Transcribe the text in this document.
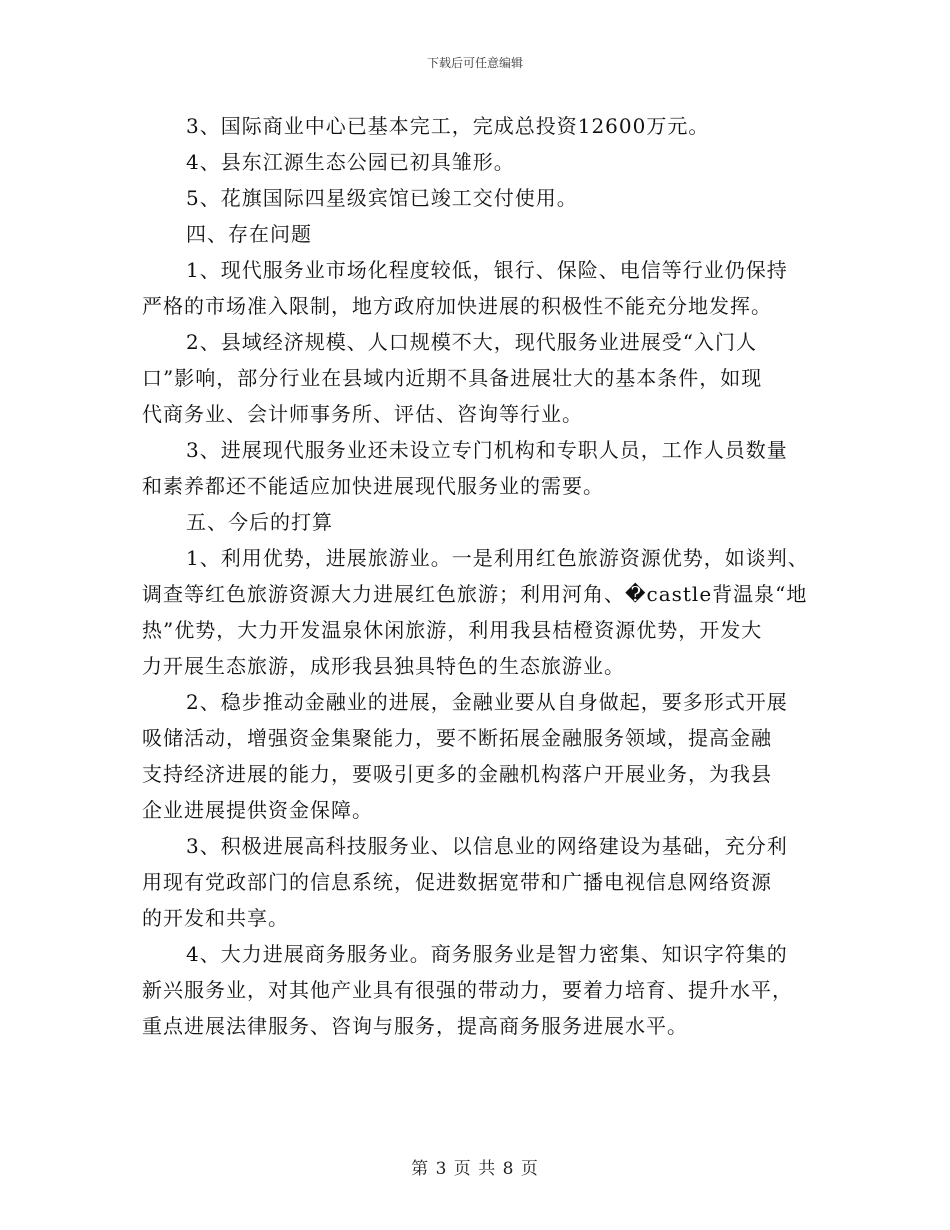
下载后可任意编辑
3、国际商业中心已基本完工，完成总投资12600万元。
4、县东江源生态公园已初具雏形。
5、花旗国际四星级宾馆已竣工交付使用。
四、存在问题
1、现代服务业市场化程度较低，银行、保险、电信等行业仍保持
严格的市场准入限制，地方政府加快进展的积极性不能充分地发挥。
2、县域经济规模、人口规模不大，现代服务业进展受“入门人
口”影响，部分行业在县域内近期不具备进展壮大的基本条件，如现
代商务业、会计师事务所、评估、咨询等行业。
3、进展现代服务业还未设立专门机构和专职人员，工作人员数量
和素养都还不能适应加快进展现代服务业的需要。
五、今后的打算
1、利用优势，进展旅游业。一是利用红色旅游资源优势，如谈判、
调查等红色旅游资源大力进展红色旅游；利用河角、�castle背温泉“地
热”优势，大力开发温泉休闲旅游，利用我县桔橙资源优势，开发大
力开展生态旅游，成形我县独具特色的生态旅游业。
2、稳步推动金融业的进展，金融业要从自身做起，要多形式开展
吸储活动，增强资金集聚能力，要不断拓展金融服务领域，提高金融
支持经济进展的能力，要吸引更多的金融机构落户开展业务，为我县
企业进展提供资金保障。
3、积极进展高科技服务业、以信息业的网络建设为基础，充分利
用现有党政部门的信息系统，促进数据宽带和广播电视信息网络资源
的开发和共享。
4、大力进展商务服务业。商务服务业是智力密集、知识字符集的
新兴服务业，对其他产业具有很强的带动力，要着力培育、提升水平，
重点进展法律服务、咨询与服务，提高商务服务进展水平。
第 3 页 共 8 页
